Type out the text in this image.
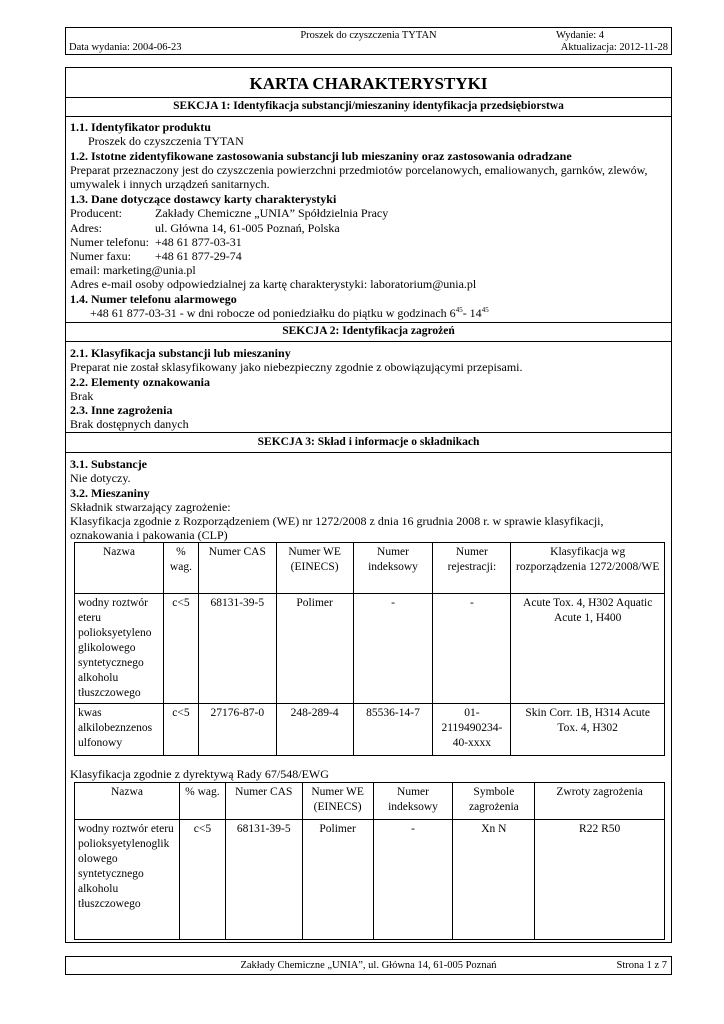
Proszek do czyszczenia TYTAN	Wydanie: 4
Data wydania: 2004-06-23	Aktualizacja: 2012-11-28
KARTA CHARAKTERYSTYKI
SEKCJA 1: Identyfikacja substancji/mieszaniny identyfikacja przedsiębiorstwa
1.1. Identyfikator produktu
Proszek do czyszczenia TYTAN
1.2. Istotne zidentyfikowane zastosowania substancji lub mieszaniny oraz zastosowania odradzane
Preparat przeznaczony jest do czyszczenia powierzchni przedmiotów porcelanowych, emaliowanych, garnków, zlewów,
umywalek i innych urządzeń sanitarnych.
1.3. Dane dotyczące dostawcy karty charakterystyki
Producent:	Zakłady Chemiczne „UNIA” Spółdzielnia Pracy
Adres:	ul. Główna 14, 61-005 Poznań, Polska
Numer telefonu: +48 61 877-03-31
Numer faxu: +48 61 877-29-74
email: marketing@unia.pl
Adres e-mail osoby odpowiedzialnej za kartę charakterystyki: laboratorium@unia.pl
1.4. Numer telefonu alarmowego
+48 61 877-03-31 - w dni robocze od poniedziałku do piątku w godzinach $6^{45}-$ $14^{45}$
SEKCJA 2: Identyfikacja zagrożeń
2.1. Klasyfikacja substancji lub mieszaniny
Preparat nie został sklasyfikowany jako niebezpieczny zgodnie z obowiązującymi przepisami.
2.2. Elementy oznakowania
Brak
2.3. Inne zagrożenia
Brak dostępnych danych
SEKCJA 3: Skład i informacje o składnikach
3.1. Substancje
Nie dotyczy.
3.2. Mieszaniny
Składnik stwarzający zagrożenie:
Klasyfikacja zgodnie z Rozporządzeniem (WE) nr 1272/2008 z dnia 16 grudnia 2008 r. w sprawie klasyfikacji,
oznakowania i pakowania (CLP)
Nazwa	% wag.	Numer CAS	Numer WE (EINECS)	Numer indeksowy	Numer rejestracji:	Klasyfikacja wg rozporządzenia 1272/2008/WE
wodny roztwór eteru polioksyetyleno glikolowego syntetycznego alkoholu tłuszczowego	c<5	68131-39-5	Polimer	-	-	Acute Tox. 4, H302 Aquatic Acute 1, H400
kwas alkilobeznzenos ulfonowy	c<5	27176-87-0	248-289-4	85536-14-7	01-2119490234-40-xxxx	Skin Corr. 1B, H314 Acute Tox. 4, H302
Klasyfikacja zgodnie z dyrektywą Rady 67/548/EWG
Nazwa	% wag.	Numer CAS	Numer WE (EINECS)	Numer indeksowy	Symbole zagrożenia	Zwroty zagrożenia
wodny roztwór eteru polioksyetylenoglik olowego syntetycznego alkoholu tłuszczowego	c<5	68131-39-5	Polimer	-	Xn N	R22 R50
Zakłady Chemiczne „UNIA”, ul. Główna 14, 61-005 Poznań	Strona 1 z 7
